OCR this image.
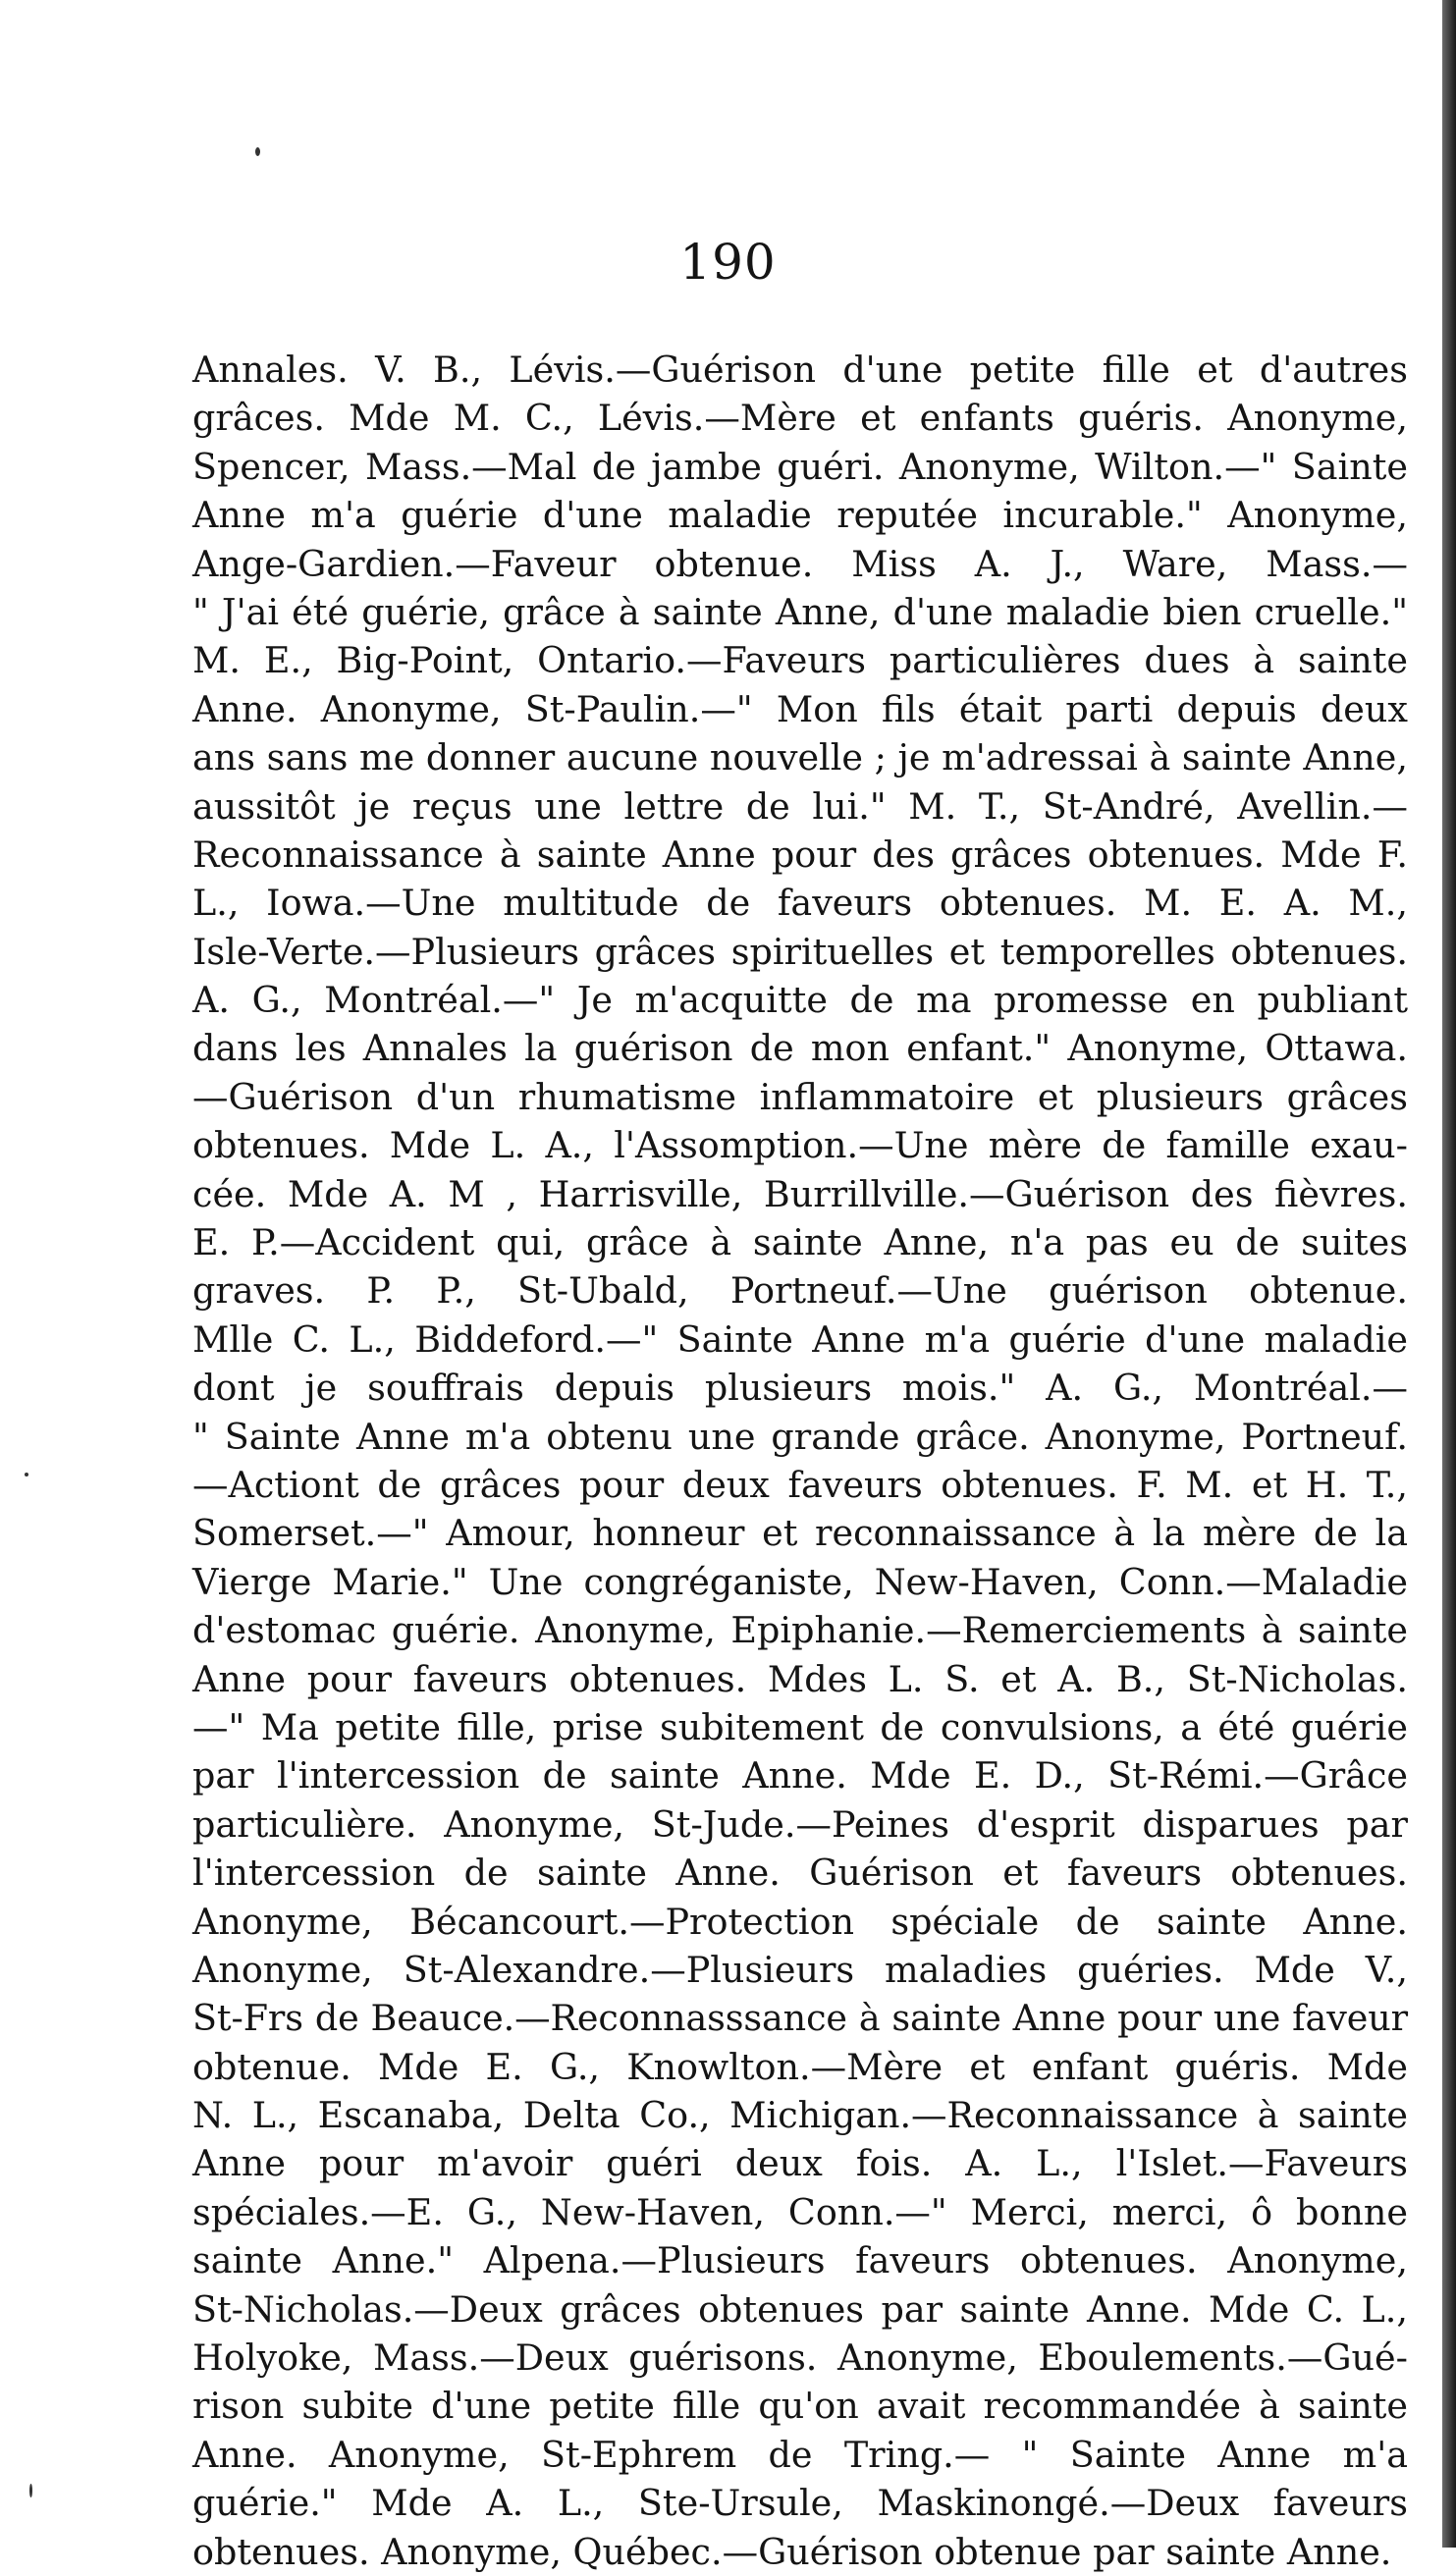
190
Annales. V. B., Lévis.—Guérison d'une petite fille et d'autres
grâces. Mde M. C., Lévis.—Mère et enfants guéris. Anonyme,
Spencer, Mass.—Mal de jambe guéri. Anonyme, Wilton.—" Sainte
Anne m'a guérie d'une maladie reputée incurable." Anonyme,
Ange-Gardien.—Faveur obtenue. Miss A. J., Ware, Mass.—
" J'ai été guérie, grâce à sainte Anne, d'une maladie bien cruelle."
M. E., Big-Point, Ontario.—Faveurs particulières dues à sainte
Anne. Anonyme, St-Paulin.—" Mon fils était parti depuis deux
ans sans me donner aucune nouvelle ; je m'adressai à sainte Anne,
aussitôt je reçus une lettre de lui." M. T., St-André, Avellin.—
Reconnaissance à sainte Anne pour des grâces obtenues. Mde F.
L., Iowa.—Une multitude de faveurs obtenues. M. E. A. M.,
Isle-Verte.—Plusieurs grâces spirituelles et temporelles obtenues.
A. G., Montréal.—" Je m'acquitte de ma promesse en publiant
dans les Annales la guérison de mon enfant." Anonyme, Ottawa.
—Guérison d'un rhumatisme inflammatoire et plusieurs grâces
obtenues. Mde L. A., l'Assomption.—Une mère de famille exau-
cée. Mde A. M , Harrisville, Burrillville.—Guérison des fièvres.
E. P.—Accident qui, grâce à sainte Anne, n'a pas eu de suites
graves. P. P., St-Ubald, Portneuf.—Une guérison obtenue.
Mlle C. L., Biddeford.—" Sainte Anne m'a guérie d'une maladie
dont je souffrais depuis plusieurs mois." A. G., Montréal.—
" Sainte Anne m'a obtenu une grande grâce. Anonyme, Portneuf.
—Actiont de grâces pour deux faveurs obtenues. F. M. et H. T.,
Somerset.—" Amour, honneur et reconnaissance à la mère de la
Vierge Marie." Une congréganiste, New-Haven, Conn.—Maladie
d'estomac guérie. Anonyme, Epiphanie.—Remerciements à sainte
Anne pour faveurs obtenues. Mdes L. S. et A. B., St-Nicholas.
—" Ma petite fille, prise subitement de convulsions, a été guérie
par l'intercession de sainte Anne. Mde E. D., St-Rémi.—Grâce
particulière. Anonyme, St-Jude.—Peines d'esprit disparues par
l'intercession de sainte Anne. Guérison et faveurs obtenues.
Anonyme, Bécancourt.—Protection spéciale de sainte Anne.
Anonyme, St-Alexandre.—Plusieurs maladies guéries. Mde V.,
St-Frs de Beauce.—Reconnasssance à sainte Anne pour une faveur
obtenue. Mde E. G., Knowlton.—Mère et enfant guéris. Mde
N. L., Escanaba, Delta Co., Michigan.—Reconnaissance à sainte
Anne pour m'avoir guéri deux fois. A. L., l'Islet.—Faveurs
spéciales.—E. G., New-Haven, Conn.—" Merci, merci, ô bonne
sainte Anne." Alpena.—Plusieurs faveurs obtenues. Anonyme,
St-Nicholas.—Deux grâces obtenues par sainte Anne. Mde C. L.,
Holyoke, Mass.—Deux guérisons. Anonyme, Eboulements.—Gué-
rison subite d'une petite fille qu'on avait recommandée à sainte
Anne. Anonyme, St-Ephrem de Tring.— " Sainte Anne m'a
guérie." Mde A. L., Ste-Ursule, Maskinongé.—Deux faveurs
obtenues. Anonyme, Québec.—Guérison obtenue par sainte Anne.
